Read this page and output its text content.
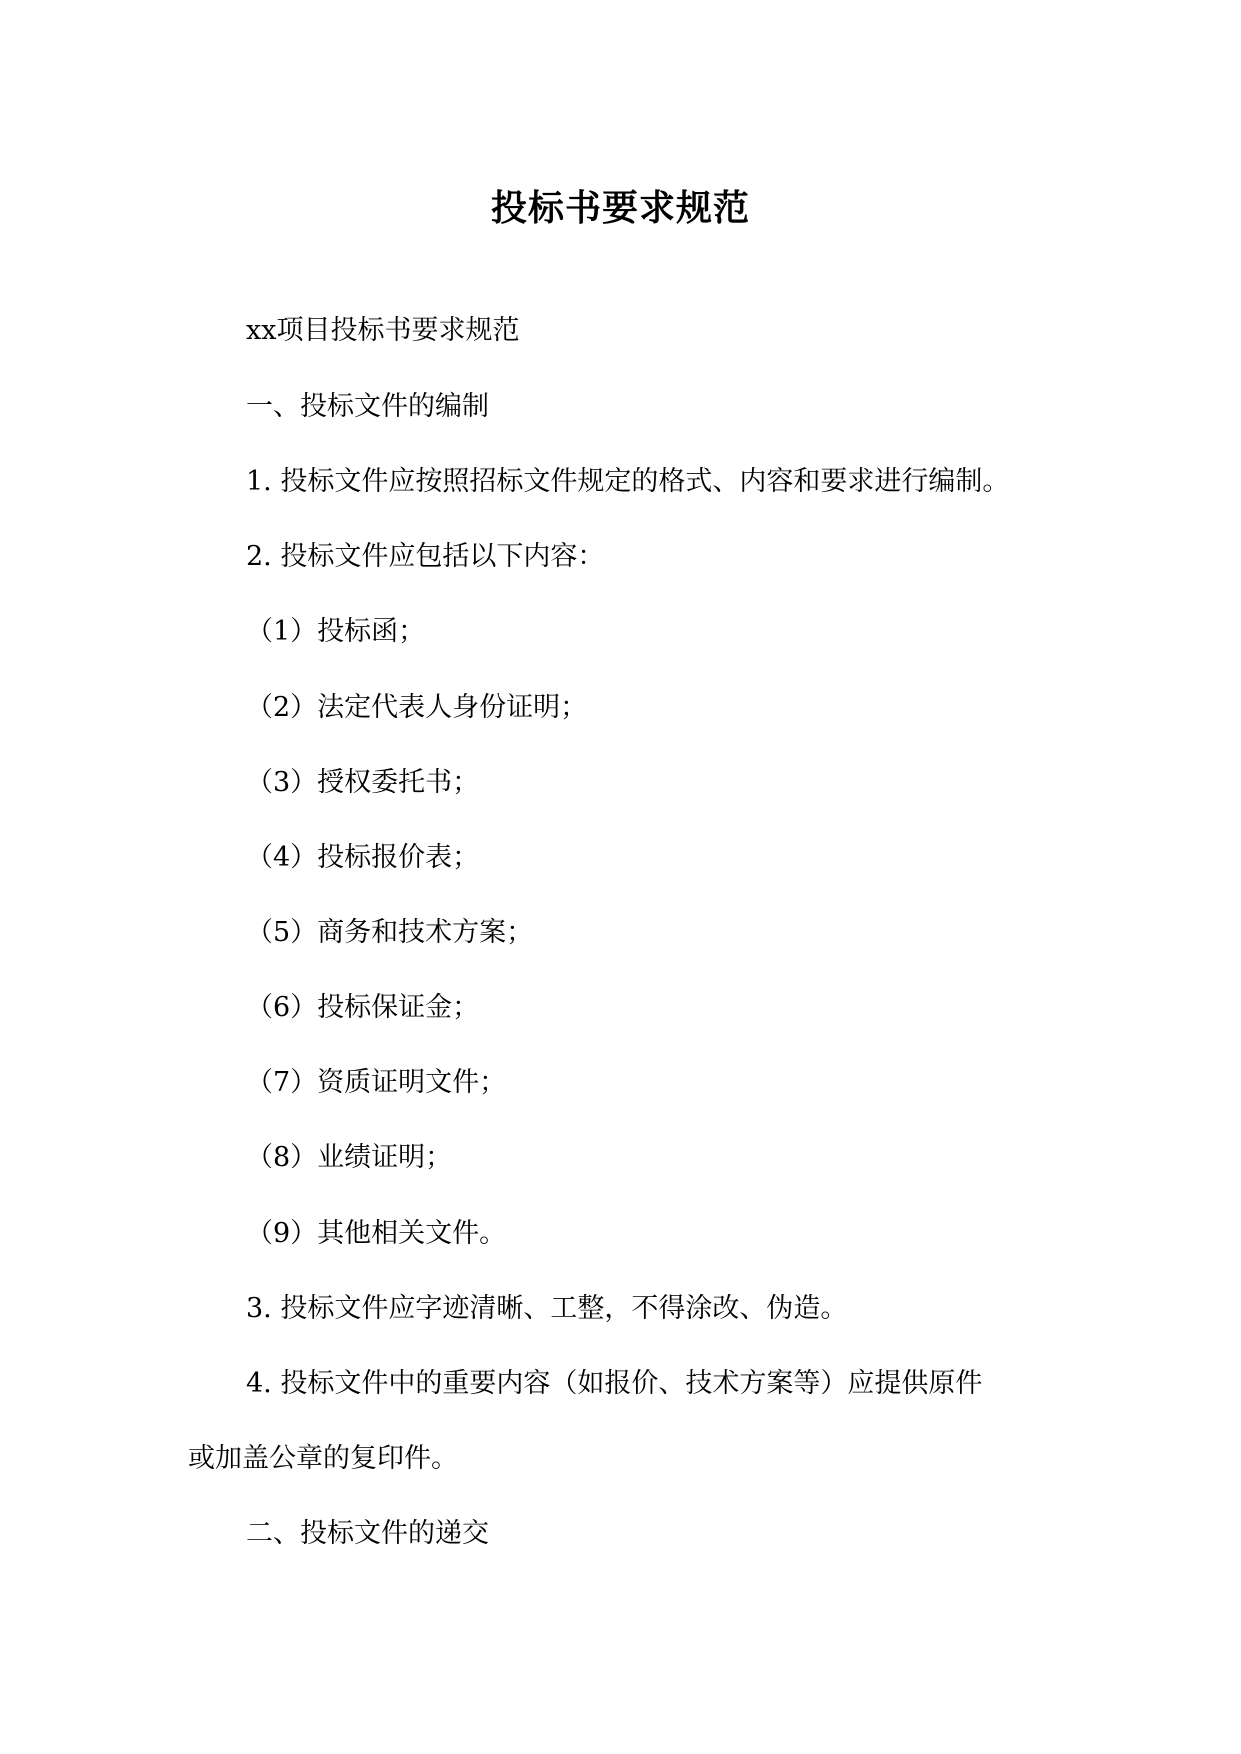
投标书要求规范
xx项目投标书要求规范
一、投标文件的编制
1. 投标文件应按照招标文件规定的格式、内容和要求进行编制。
2. 投标文件应包括以下内容：
（1）投标函；
（2）法定代表人身份证明；
（3）授权委托书；
（4）投标报价表；
（5）商务和技术方案；
（6）投标保证金；
（7）资质证明文件；
（8）业绩证明；
（9）其他相关文件。
3. 投标文件应字迹清晰、工整，不得涂改、伪造。
4. 投标文件中的重要内容（如报价、技术方案等）应提供原件
或加盖公章的复印件。
二、投标文件的递交
